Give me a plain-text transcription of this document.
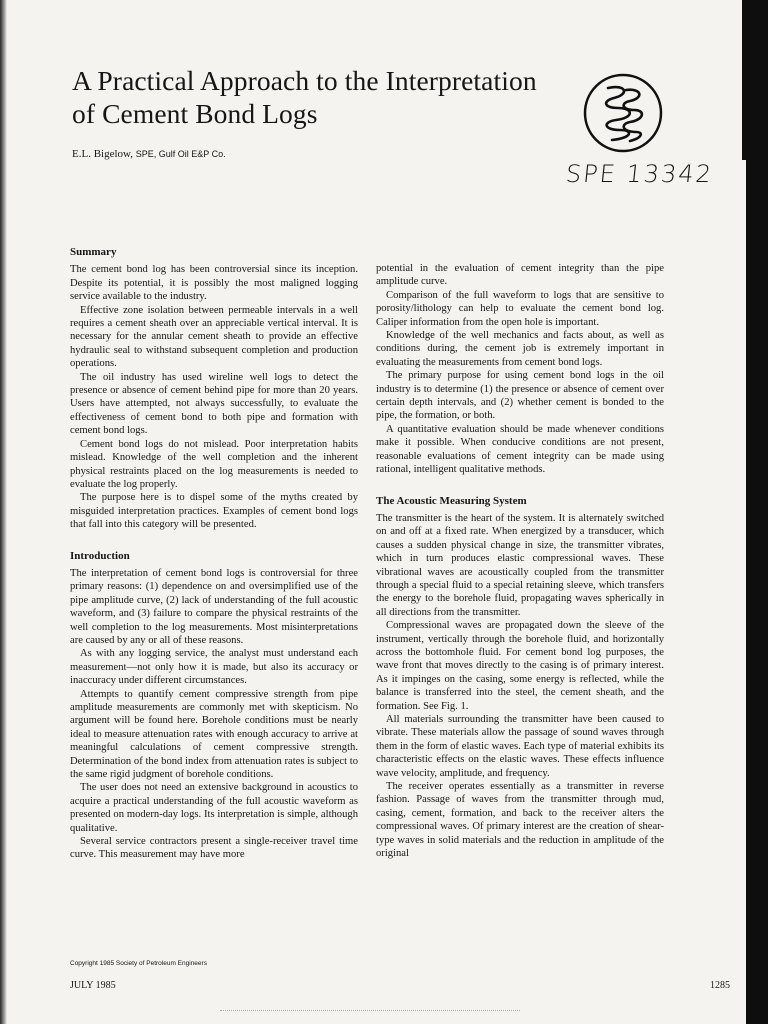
A Practical Approach to the Interpretation of Cement Bond Logs
E.L. Bigelow, SPE, Gulf Oil E&P Co.
SPE 13342
Summary

The cement bond log has been controversial since its inception. Despite its potential, it is possibly the most maligned logging service available to the industry.

Effective zone isolation between permeable intervals in a well requires a cement sheath over an appreciable vertical interval. It is necessary for the annular cement sheath to provide an effective hydraulic seal to withstand subsequent completion and production operations.

The oil industry has used wireline well logs to detect the presence or absence of cement behind pipe for more than 20 years. Users have attempted, not always successfully, to evaluate the effectiveness of cement bond to both pipe and formation with cement bond logs.

Cement bond logs do not mislead. Poor interpretation habits mislead. Knowledge of the well completion and the inherent physical restraints placed on the log measurements is needed to evaluate the log properly.

The purpose here is to dispel some of the myths created by misguided interpretation practices. Examples of cement bond logs that fall into this category will be presented.

Introduction

The interpretation of cement bond logs is controversial for three primary reasons: (1) dependence on and oversimplified use of the pipe amplitude curve, (2) lack of understanding of the full acoustic waveform, and (3) failure to compare the physical restraints of the well completion to the log measurements. Most misinterpretations are caused by any or all of these reasons.

As with any logging service, the analyst must understand each measurement—not only how it is made, but also its accuracy or inaccuracy under different circumstances.

Attempts to quantify cement compressive strength from pipe amplitude measurements are commonly met with skepticism. No argument will be found here. Borehole conditions must be nearly ideal to measure attenuation rates with enough accuracy to arrive at meaningful calculations of cement compressive strength. Determination of the bond index from attenuation rates is subject to the same rigid judgment of borehole conditions.

The user does not need an extensive background in acoustics to acquire a practical understanding of the full acoustic waveform as presented on modern-day logs. Its interpretation is simple, although qualitative.

Several service contractors present a single-receiver travel time curve. This measurement may have more

potential in the evaluation of cement integrity than the pipe amplitude curve.

Comparison of the full waveform to logs that are sensitive to porosity/lithology can help to evaluate the cement bond log. Caliper information from the open hole is important.

Knowledge of the well mechanics and facts about, as well as conditions during, the cement job is extremely important in evaluating the measurements from cement bond logs.

The primary purpose for using cement bond logs in the oil industry is to determine (1) the presence or absence of cement over certain depth intervals, and (2) whether cement is bonded to the pipe, the formation, or both.

A quantitative evaluation should be made whenever conditions make it possible. When conducive conditions are not present, reasonable evaluations of cement integrity can be made using rational, intelligent qualitative methods.

The Acoustic Measuring System

The transmitter is the heart of the system. It is alternately switched on and off at a fixed rate. When energized by a transducer, which causes a sudden physical change in size, the transmitter vibrates, which in turn produces elastic compressional waves. These vibrational waves are acoustically coupled from the transmitter through a special fluid to a special retaining sleeve, which transfers the energy to the borehole fluid, propagating waves spherically in all directions from the transmitter.

Compressional waves are propagated down the sleeve of the instrument, vertically through the borehole fluid, and horizontally across the bottomhole fluid. For cement bond log purposes, the wave front that moves directly to the casing is of primary interest. As it impinges on the casing, some energy is reflected, while the balance is transferred into the steel, the cement sheath, and the formation. See Fig. 1.

All materials surrounding the transmitter have been caused to vibrate. These materials allow the passage of sound waves through them in the form of elastic waves. Each type of material exhibits its characteristic effects on the elastic waves. These effects influence wave velocity, amplitude, and frequency.

The receiver operates essentially as a transmitter in reverse fashion. Passage of waves from the transmitter through mud, casing, cement, formation, and back to the receiver alters the compressional waves. Of primary interest are the creation of shear-type waves in solid materials and the reduction in amplitude of the original

Copyright 1985 Society of Petroleum Engineers
JULY 1985	1285
